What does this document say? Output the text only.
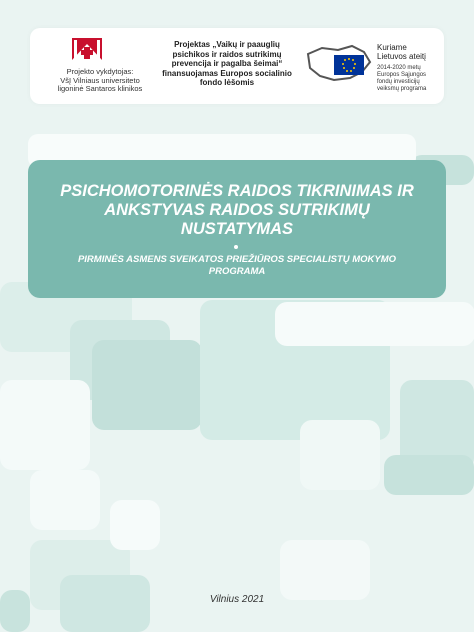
Projekto vykdytojas:
VšĮ Vilniaus universiteto
ligoninė Santaros klinikos
Projektas „Vaikų ir paauglių psichikos ir raidos sutrikimų prevencija ir pagalba šeimai“ finansuojamas Europos socialinio fondo lėšomis
Kuriame
Lietuvos ateitį
2014-2020 metų
Europos Sąjungos
fondų investicijų
veiksmų programa
PSICHOMOTORINĖS RAIDOS TIKRINIMAS IR ANKSTYVAS RAIDOS SUTRIKIMŲ NUSTATYMAS
PIRMINĖS ASMENS SVEIKATOS PRIEŽIŪROS SPECIALISTŲ MOKYMO PROGRAMA
Vilnius 2021
